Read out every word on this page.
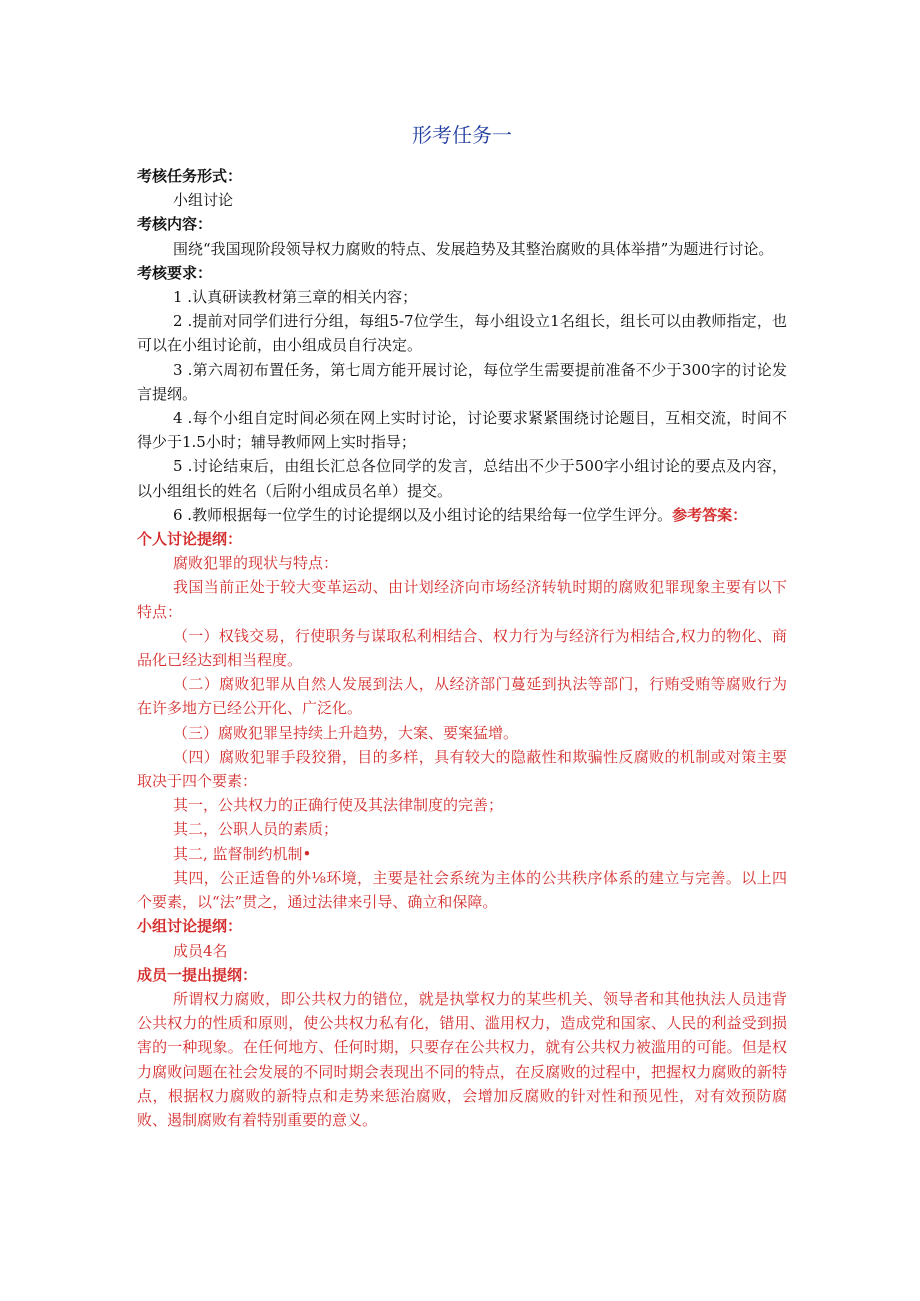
形考任务一
考核任务形式：

小组讨论

考核内容：

围绕“我国现阶段领导权力腐败的特点、发展趋势及其整治腐败的具体举措”为题进行讨论。

考核要求：

1 .认真研读教材第三章的相关内容；

2 .提前对同学们进行分组，每组5-7位学生，每小组设立1名组长，组长可以由教师指定，也可以在小组讨论前，由小组成员自行决定。

3 .第六周初布置任务，第七周方能开展讨论，每位学生需要提前准备不少于300字的讨论发言提纲。

4 .每个小组自定时间必须在网上实时讨论，讨论要求紧紧围绕讨论题目，互相交流，时间不得少于1.5小时；辅导教师网上实时指导；

5 .讨论结束后，由组长汇总各位同学的发言，总结出不少于500字小组讨论的要点及内容，以小组组长的姓名（后附小组成员名单）提交。

6 .教师根据每一位学生的讨论提纲以及小组讨论的结果给每一位学生评分。参考答案：

个人讨论提纲：

腐败犯罪的现状与特点：

我国当前正处于较大变革运动、由计划经济向市场经济转轨时期的腐败犯罪现象主要有以下特点：

（一）权钱交易，行使职务与谋取私利相结合、权力行为与经济行为相结合,权力的物化、商品化已经达到相当程度。

（二）腐败犯罪从自然人发展到法人，从经济部门蔓延到执法等部门，行贿受贿等腐败行为在许多地方已经公开化、广泛化。

（三）腐败犯罪呈持续上升趋势，大案、要案猛增。

（四）腐败犯罪手段狡猾，目的多样，具有较大的隐蔽性和欺骗性反腐败的机制或对策主要取决于四个要素：

其一，公共权力的正确行使及其法律制度的完善；

其二，公职人员的素质；

其二, 监督制约机制•

其四，公正适鲁的外⅛环境，主要是社会系统为主体的公共秩序体系的建立与完善。以上四个要素，以“法”贯之，通过法律来引导、确立和保障。

小组讨论提纲：

成员4名

成员一提出提纲：

所谓权力腐败，即公共权力的错位，就是执掌权力的某些机关、领导者和其他执法人员违背公共权力的性质和原则，使公共权力私有化，错用、滥用权力，造成党和国家、人民的利益受到损害的一种现象。在任何地方、任何时期，只要存在公共权力，就有公共权力被滥用的可能。但是权力腐败问题在社会发展的不同时期会表现出不同的特点，在反腐败的过程中，把握权力腐败的新特点，根据权力腐败的新特点和走势来惩治腐败，会增加反腐败的针对性和预见性，对有效预防腐败、遏制腐败有着特别重要的意义。
